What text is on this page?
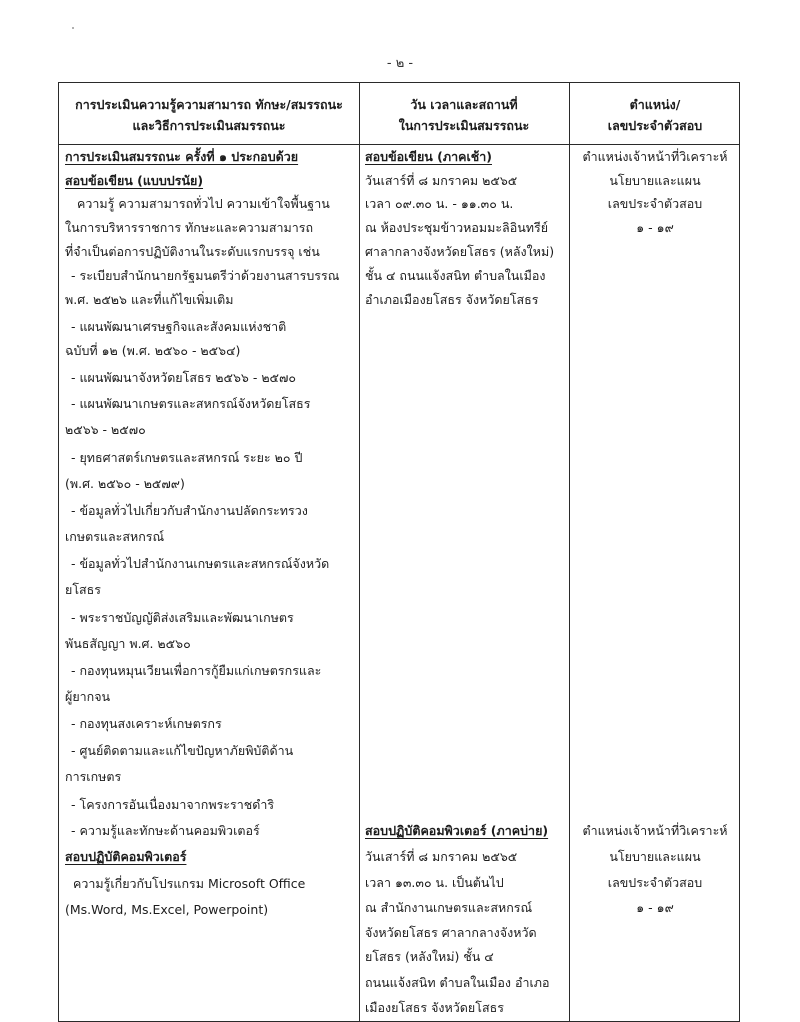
- ๒ -
การประเมินความรู้ความสามารถ ทักษะ/สมรรถนะ
และวิธีการประเมินสมรรถนะ
วัน เวลาและสถานที่
ในการประเมินสมรรถนะ
ตำแหน่ง/
เลขประจำตัวสอบ
การประเมินสมรรถนะ ครั้งที่ ๑ ประกอบด้วย
สอบข้อเขียน (แบบปรนัย)
ความรู้ ความสามารถทั่วไป ความเข้าใจพื้นฐาน
ในการบริหารราชการ ทักษะและความสามารถ
ที่จำเป็นต่อการปฏิบัติงานในระดับแรกบรรจุ เช่น
- ระเบียบสำนักนายกรัฐมนตรีว่าด้วยงานสารบรรณ
พ.ศ. ๒๕๒๖ และที่แก้ไขเพิ่มเติม
- แผนพัฒนาเศรษฐกิจและสังคมแห่งชาติ
ฉบับที่ ๑๒ (พ.ศ. ๒๕๖๐ - ๒๕๖๔)
- แผนพัฒนาจังหวัดยโสธร ๒๕๖๖ - ๒๕๗๐
- แผนพัฒนาเกษตรและสหกรณ์จังหวัดยโสธร
๒๕๖๖ - ๒๕๗๐
- ยุทธศาสตร์เกษตรและสหกรณ์ ระยะ ๒๐ ปี
(พ.ศ. ๒๕๖๐ - ๒๕๗๙)
- ข้อมูลทั่วไปเกี่ยวกับสำนักงานปลัดกระทรวง
เกษตรและสหกรณ์
- ข้อมูลทั่วไปสำนักงานเกษตรและสหกรณ์จังหวัด
ยโสธร
- พระราชบัญญัติส่งเสริมและพัฒนาเกษตร
พันธสัญญา พ.ศ. ๒๕๖๐
- กองทุนหมุนเวียนเพื่อการกู้ยืมแก่เกษตรกรและ
ผู้ยากจน
- กองทุนสงเคราะห์เกษตรกร
- ศูนย์ติดตามและแก้ไขปัญหาภัยพิบัติด้าน
การเกษตร
- โครงการอันเนื่องมาจากพระราชดำริ
- ความรู้และทักษะด้านคอมพิวเตอร์
สอบปฏิบัติคอมพิวเตอร์
ความรู้เกี่ยวกับโปรแกรม Microsoft Office
(Ms.Word, Ms.Excel, Powerpoint)
สอบข้อเขียน (ภาคเช้า)
วันเสาร์ที่ ๘ มกราคม ๒๕๖๕
เวลา ๐๙.๓๐ น. - ๑๑.๓๐ น.
ณ ห้องประชุมข้าวหอมมะลิอินทรีย์
ศาลากลางจังหวัดยโสธร (หลังใหม่)
ชั้น ๔ ถนนแจ้งสนิท ตำบลในเมือง
อำเภอเมืองยโสธร จังหวัดยโสธร
สอบปฏิบัติคอมพิวเตอร์ (ภาคบ่าย)
วันเสาร์ที่ ๘ มกราคม ๒๕๖๕
เวลา ๑๓.๓๐ น. เป็นต้นไป
ณ สำนักงานเกษตรและสหกรณ์
จังหวัดยโสธร ศาลากลางจังหวัด
ยโสธร (หลังใหม่) ชั้น ๔
ถนนแจ้งสนิท ตำบลในเมือง อำเภอ
เมืองยโสธร จังหวัดยโสธร
ตำแหน่งเจ้าหน้าที่วิเคราะห์
นโยบายและแผน
เลขประจำตัวสอบ
๑ - ๑๙
ตำแหน่งเจ้าหน้าที่วิเคราะห์
นโยบายและแผน
เลขประจำตัวสอบ
๑ - ๑๙
